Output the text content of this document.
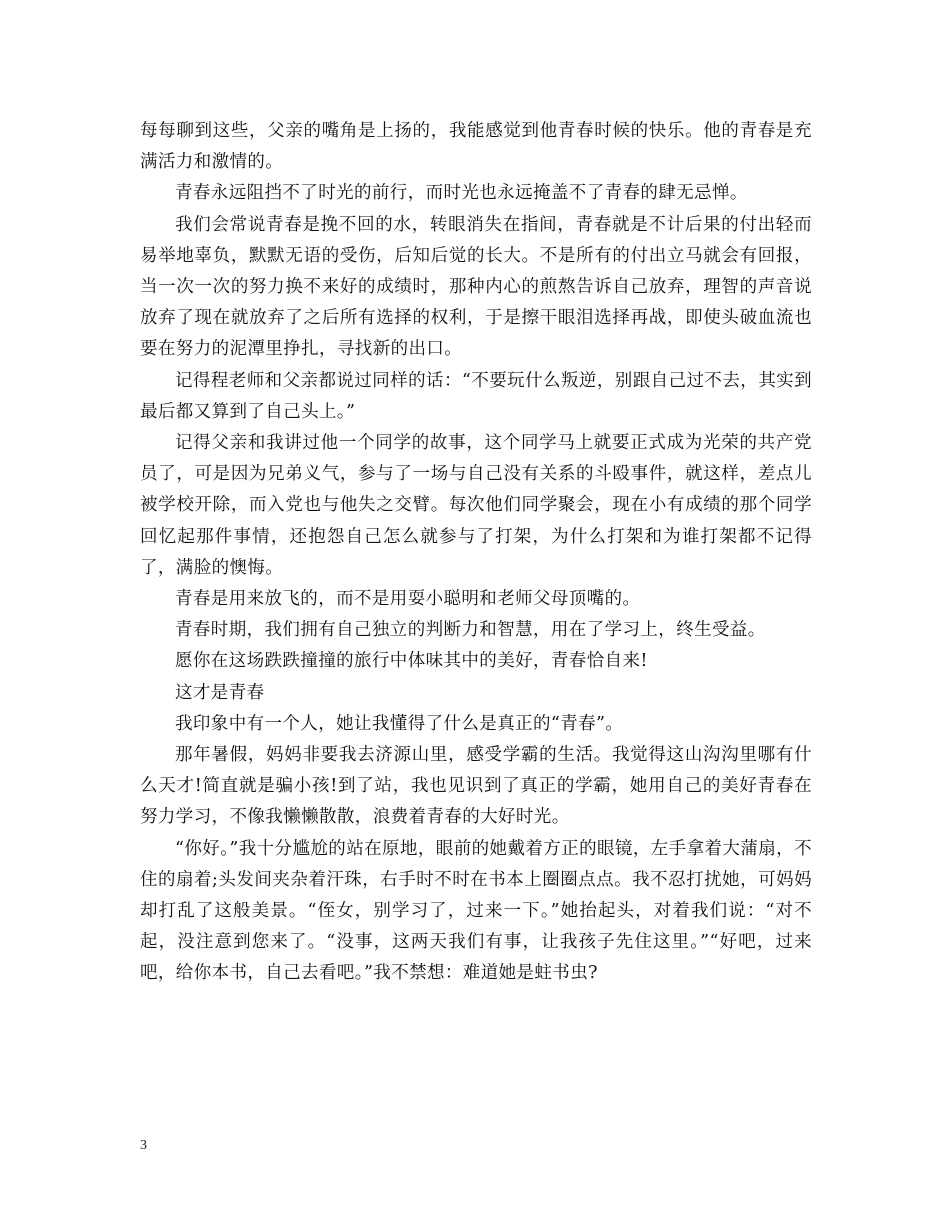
每每聊到这些，父亲的嘴角是上扬的，我能感觉到他青春时候的快乐。他的青春是充满活力和激情的。

青春永远阻挡不了时光的前行，而时光也永远掩盖不了青春的肆无忌惮。

我们会常说青春是挽不回的水，转眼消失在指间，青春就是不计后果的付出轻而易举地辜负，默默无语的受伤，后知后觉的长大。不是所有的付出立马就会有回报，当一次一次的努力换不来好的成绩时，那种内心的煎熬告诉自己放弃，理智的声音说放弃了现在就放弃了之后所有选择的权利，于是擦干眼泪选择再战，即使头破血流也要在努力的泥潭里挣扎，寻找新的出口。

记得程老师和父亲都说过同样的话：“不要玩什么叛逆，别跟自己过不去，其实到最后都又算到了自己头上。”

记得父亲和我讲过他一个同学的故事，这个同学马上就要正式成为光荣的共产党员了，可是因为兄弟义气，参与了一场与自己没有关系的斗殴事件，就这样，差点儿被学校开除，而入党也与他失之交臂。每次他们同学聚会，现在小有成绩的那个同学回忆起那件事情，还抱怨自己怎么就参与了打架，为什么打架和为谁打架都不记得了，满脸的懊悔。

青春是用来放飞的，而不是用耍小聪明和老师父母顶嘴的。

青春时期，我们拥有自己独立的判断力和智慧，用在了学习上，终生受益。

愿你在这场跌跌撞撞的旅行中体味其中的美好，青春恰自来!

这才是青春

我印象中有一个人，她让我懂得了什么是真正的“青春”。

那年暑假，妈妈非要我去济源山里，感受学霸的生活。我觉得这山沟沟里哪有什么天才!简直就是骗小孩!到了站，我也见识到了真正的学霸，她用自己的美好青春在努力学习，不像我懒懒散散，浪费着青春的大好时光。

“你好。”我十分尴尬的站在原地，眼前的她戴着方正的眼镜，左手拿着大蒲扇，不住的扇着;头发间夹杂着汗珠，右手时不时在书本上圈圈点点。我不忍打扰她，可妈妈却打乱了这般美景。“侄女，别学习了，过来一下。”她抬起头，对着我们说：“对不起，没注意到您来了。“没事，这两天我们有事，让我孩子先住这里。”“好吧，过来吧，给你本书，自己去看吧。”我不禁想：难道她是蛀书虫?

3
